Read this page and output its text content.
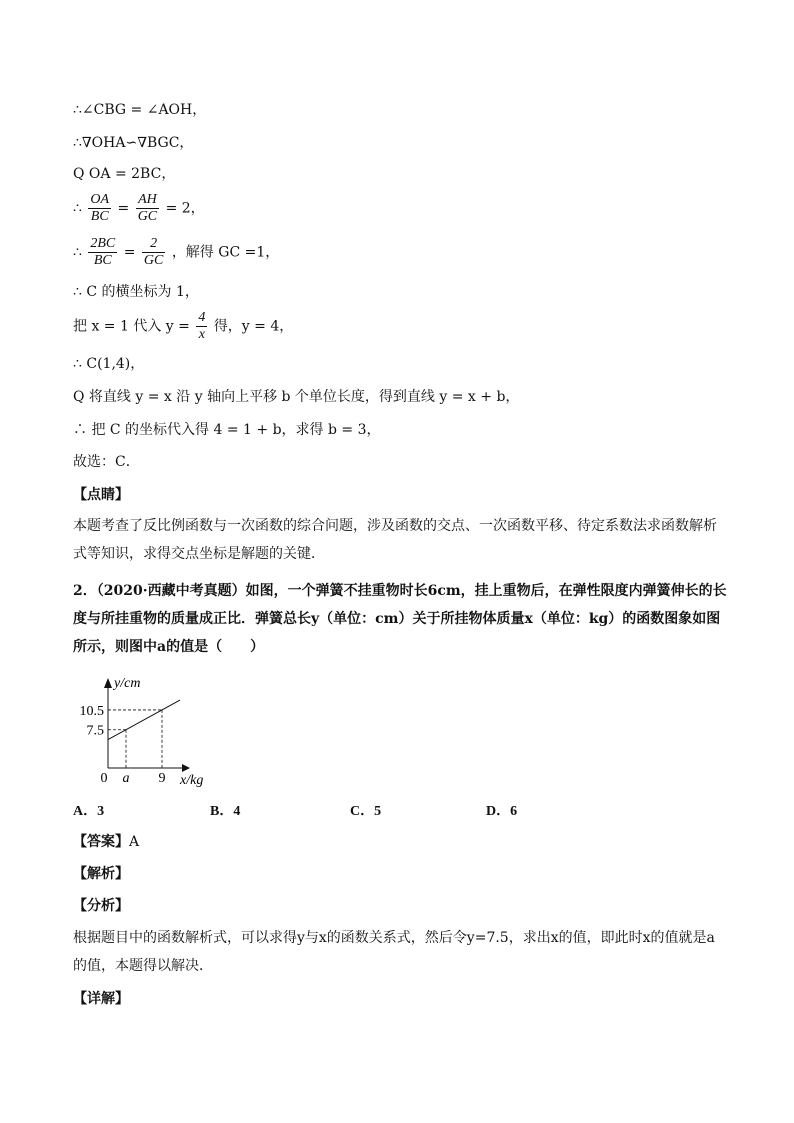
∴∠CBG = ∠AOH，
∴∇OHA∽∇BGC，
Q OA = 2BC，
∴ $\frac{OA}{BC} = \frac{AH}{GC} = 2$，
∴ $\frac{2BC}{BC} = \frac{2}{GC}$ ，解得 GC =1，
∴ C 的横坐标为 1，
把 x = 1 代入 $y = \frac{4}{x}$ 得，y = 4，
∴ C(1,4)，
Q 将直线 y = x 沿 y 轴向上平移 b 个单位长度，得到直线 y = x + b，
∴ 把 C 的坐标代入得 4 = 1 + b，求得 b = 3，
故选：C．
【点睛】
本题考查了反比例函数与一次函数的综合问题，涉及函数的交点、一次函数平移、待定系数法求函数解析式等知识，求得交点坐标是解题的关键．
2．（2020·西藏中考真题）如图，一个弹簧不挂重物时长6cm，挂上重物后，在弹性限度内弹簧伸长的长度与所挂重物的质量成正比．弹簧总长y（单位：cm）关于所挂物体质量x（单位：kg）的函数图象如图所示，则图中a的值是（　　）
y/cm
x/kg
0 a 9
10.5
7.5
A．3	B．4	C．5	D．6
【答案】A
【解析】
【分析】
根据题目中的函数解析式，可以求得y与x的函数关系式，然后令y=7.5，求出x的值，即此时x的值就是a的值，本题得以解决．
【详解】
